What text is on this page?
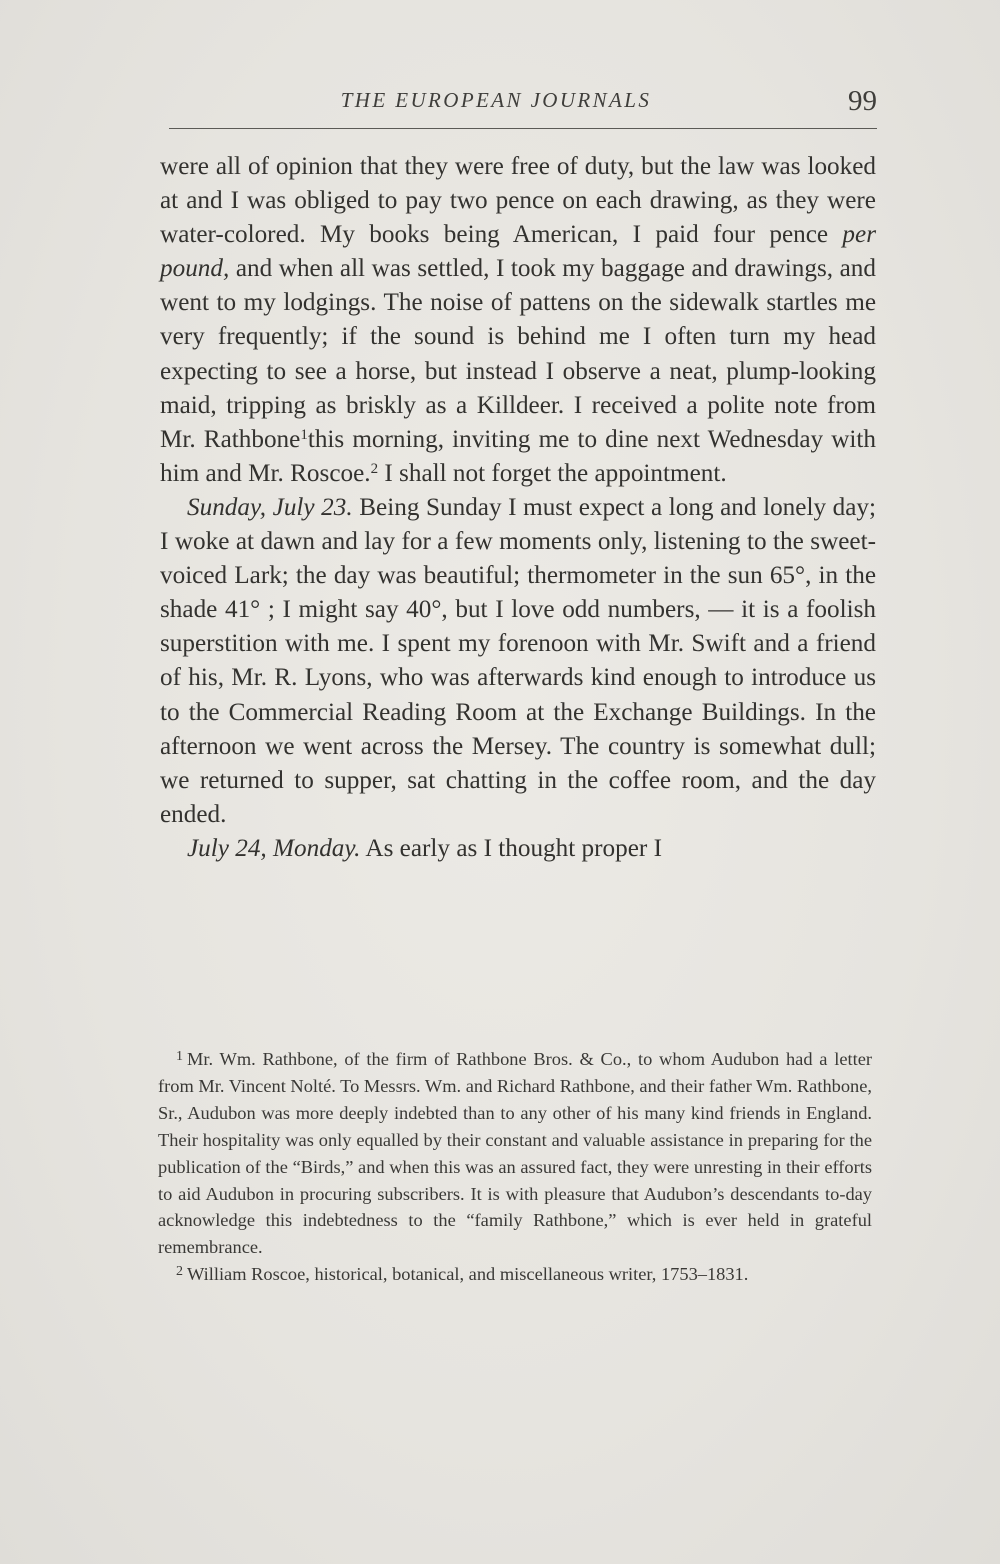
THE EUROPEAN JOURNALS	99

were all of opinion that they were free of duty, but the law was looked at and I was obliged to pay two pence on each drawing, as they were water-colored. My books being American, I paid four pence per pound, and when all was settled, I took my baggage and drawings, and went to my lodgings. The noise of pattens on the sidewalk startles me very frequently; if the sound is behind me I often turn my head expecting to see a horse, but instead I observe a neat, plump-looking maid, tripping as briskly as a Killdeer. I received a polite note from Mr. Rathbone$^1$this morning, inviting me to dine next Wednesday with him and Mr. Roscoe.$^2$ I shall not forget the appointment.

Sunday, July 23. Being Sunday I must expect a long and lonely day; I woke at dawn and lay for a few moments only, listening to the sweet-voiced Lark; the day was beautiful; thermometer in the sun 65°, in the shade 41° ; I might say 40°, but I love odd numbers, — it is a foolish superstition with me. I spent my forenoon with Mr. Swift and a friend of his, Mr. R. Lyons, who was afterwards kind enough to introduce us to the Commercial Reading Room at the Exchange Buildings. In the afternoon we went across the Mersey. The country is somewhat dull; we returned to supper, sat chatting in the coffee room, and the day ended.

July 24, Monday. As early as I thought proper I

$^1$ Mr. Wm. Rathbone, of the firm of Rathbone Bros. & Co., to whom Audubon had a letter from Mr. Vincent Nolté. To Messrs. Wm. and Richard Rathbone, and their father Wm. Rathbone, Sr., Audubon was more deeply indebted than to any other of his many kind friends in England. Their hospitality was only equalled by their constant and valuable assistance in preparing for the publication of the “Birds,” and when this was an assured fact, they were unresting in their efforts to aid Audubon in procuring subscribers. It is with pleasure that Audubon’s descendants to-day acknowledge this indebtedness to the “family Rathbone,” which is ever held in grateful remembrance.

$^2$ William Roscoe, historical, botanical, and miscellaneous writer, 1753–1831.
